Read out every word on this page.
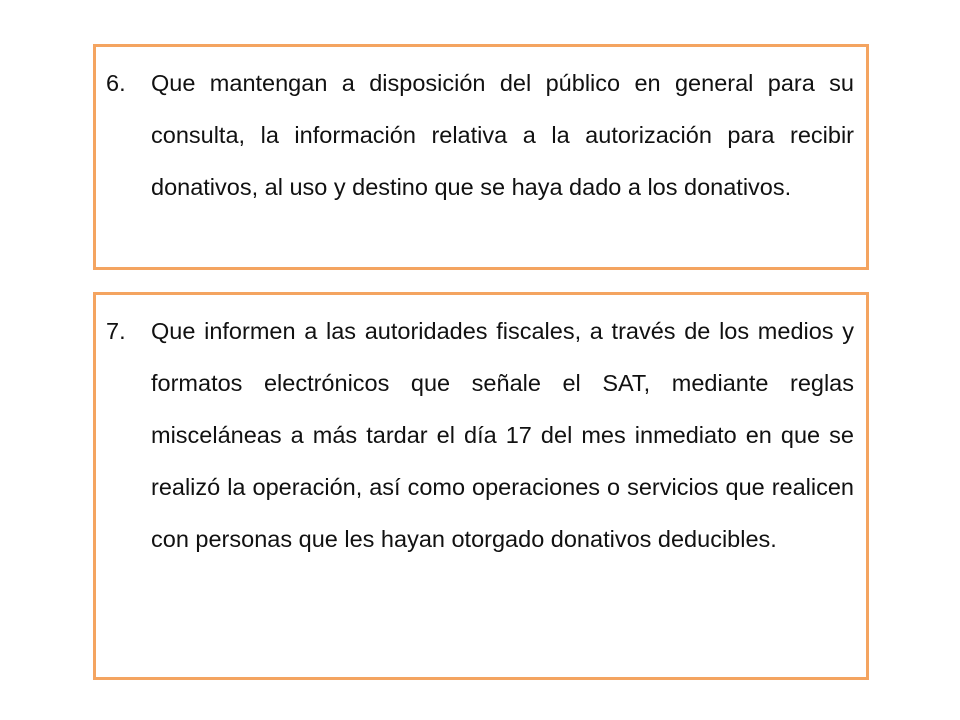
6. Que mantengan a disposición del público en general para su consulta, la información relativa a la autorización para recibir donativos, al uso y destino que se haya dado a los donativos.

7. Que informen a las autoridades fiscales, a través de los medios y formatos electrónicos que señale el SAT, mediante reglas misceláneas a más tardar el día 17 del mes inmediato en que se realizó la operación, así como operaciones o servicios que realicen con personas que les hayan otorgado donativos deducibles.
